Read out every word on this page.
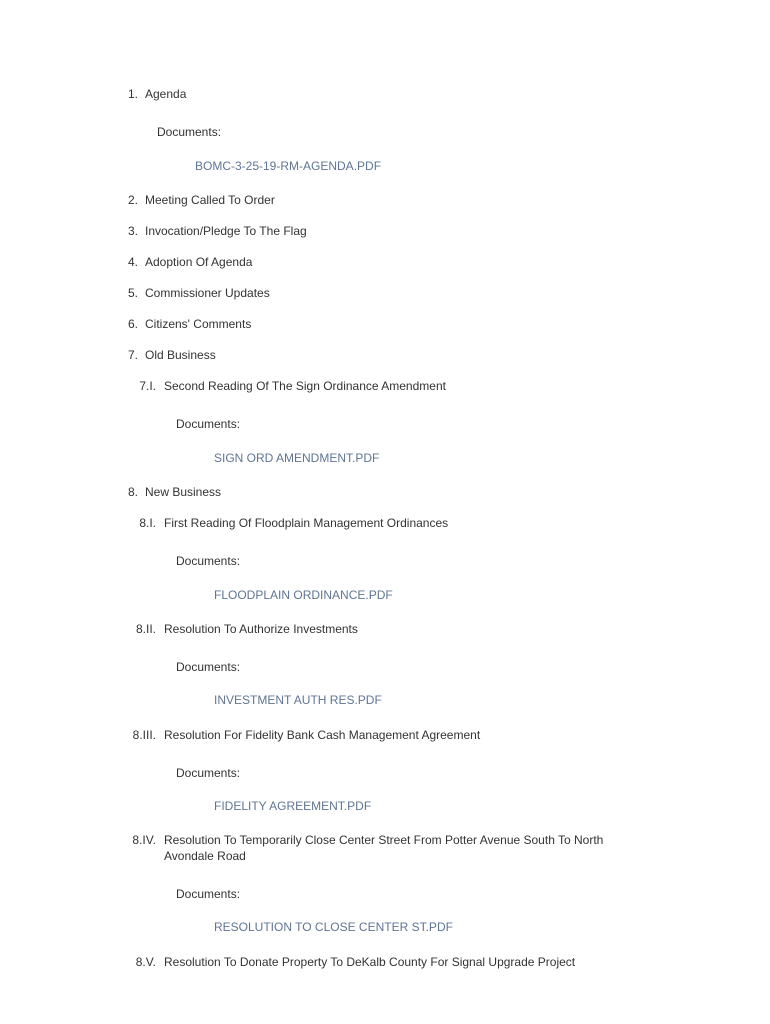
1. Agenda
Documents:
BOMC-3-25-19-RM-AGENDA.PDF
2. Meeting Called To Order
3. Invocation/Pledge To The Flag
4. Adoption Of Agenda
5. Commissioner Updates
6. Citizens' Comments
7. Old Business
7.I. Second Reading Of The Sign Ordinance Amendment
Documents:
SIGN ORD AMENDMENT.PDF
8. New Business
8.I. First Reading Of Floodplain Management Ordinances
Documents:
FLOODPLAIN ORDINANCE.PDF
8.II. Resolution To Authorize Investments
Documents:
INVESTMENT AUTH RES.PDF
8.III. Resolution For Fidelity Bank Cash Management Agreement
Documents:
FIDELITY AGREEMENT.PDF
8.IV. Resolution To Temporarily Close Center Street From Potter Avenue South To North
Avondale Road
Documents:
RESOLUTION TO CLOSE CENTER ST.PDF
8.V. Resolution To Donate Property To DeKalb County For Signal Upgrade Project
